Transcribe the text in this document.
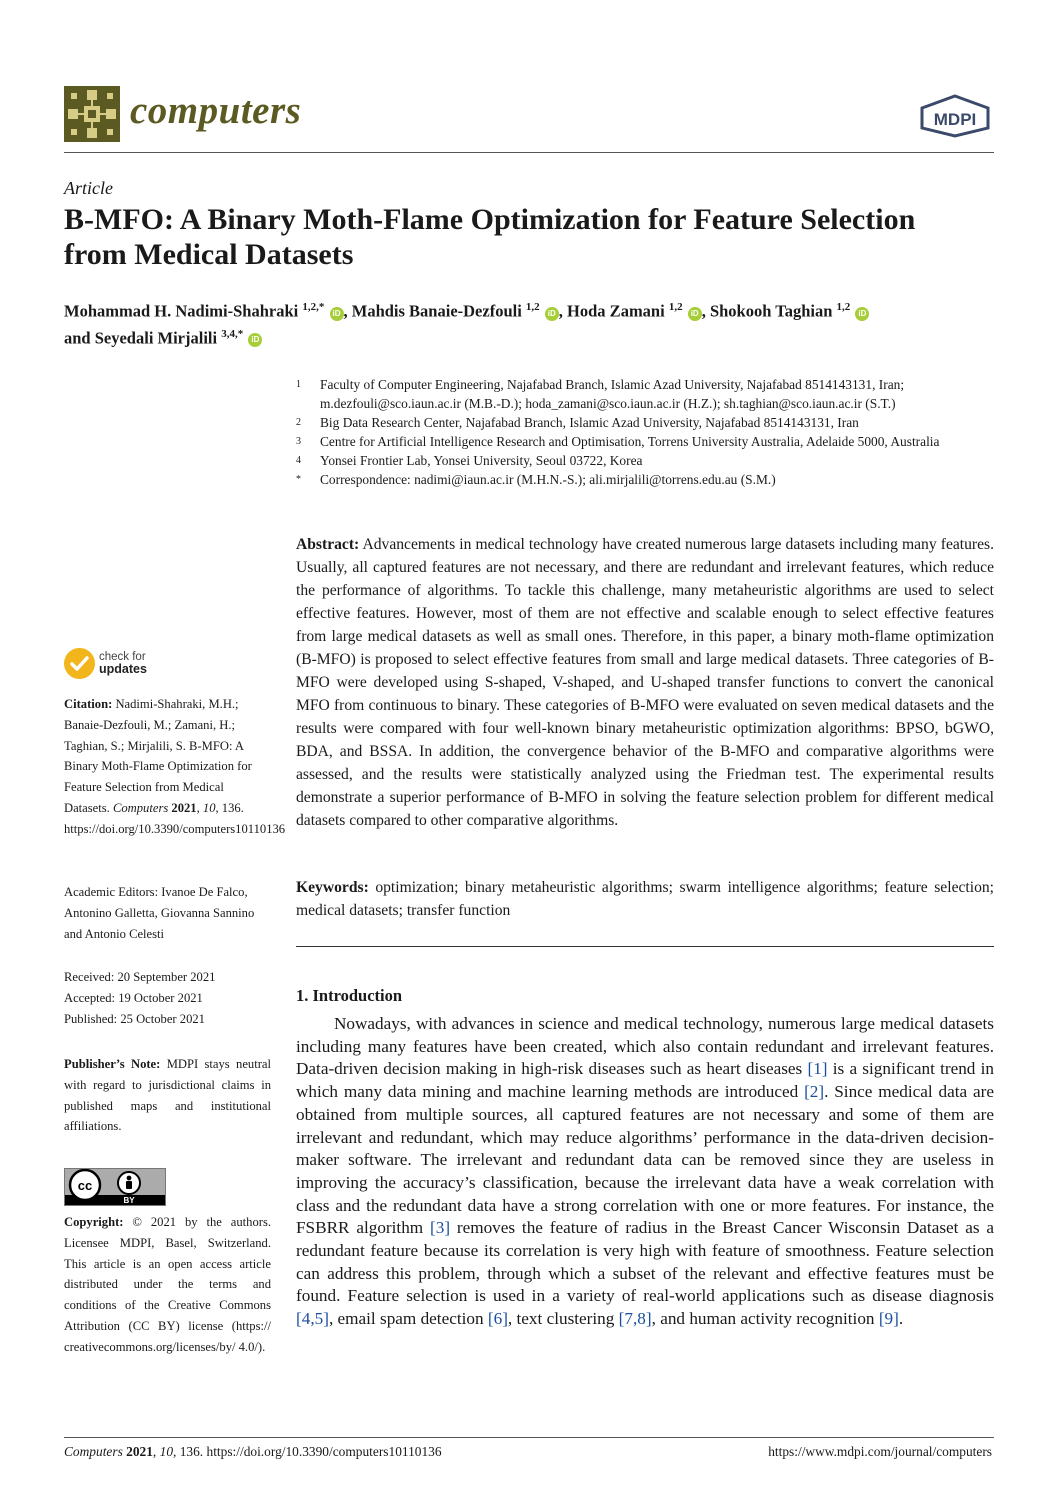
computers	MDPI
Article
B-MFO: A Binary Moth-Flame Optimization for Feature Selection from Medical Datasets
Mohammad H. Nadimi-Shahraki $^{1,2,*}$ iD , Mahdis Banaie-Dezfouli $^{1,2}$ iD , Hoda Zamani $^{1,2}$ iD , Shokooh Taghian $^{1,2}$ iD
and Seyedali Mirjalili $^{3,4,*}$ iD
1	Faculty of Computer Engineering, Najafabad Branch, Islamic Azad University, Najafabad 8514143131, Iran; m.dezfouli@sco.iaun.ac.ir (M.B.-D.); hoda_zamani@sco.iaun.ac.ir (H.Z.); sh.taghian@sco.iaun.ac.ir (S.T.)
2	Big Data Research Center, Najafabad Branch, Islamic Azad University, Najafabad 8514143131, Iran
3	Centre for Artificial Intelligence Research and Optimisation, Torrens University Australia, Adelaide 5000, Australia
4	Yonsei Frontier Lab, Yonsei University, Seoul 03722, Korea
*	Correspondence: nadimi@iaun.ac.ir (M.H.N.-S.); ali.mirjalili@torrens.edu.au (S.M.)
Abstract: Advancements in medical technology have created numerous large datasets including many features. Usually, all captured features are not necessary, and there are redundant and irrelevant features, which reduce the performance of algorithms. To tackle this challenge, many metaheuristic algorithms are used to select effective features. However, most of them are not effective and scalable enough to select effective features from large medical datasets as well as small ones. Therefore, in this paper, a binary moth-flame optimization (B-MFO) is proposed to select effective features from small and large medical datasets. Three categories of B-MFO were developed using S-shaped, V-shaped, and U-shaped transfer functions to convert the canonical MFO from continuous to binary. These categories of B-MFO were evaluated on seven medical datasets and the results were compared with four well-known binary metaheuristic optimization algorithms: BPSO, bGWO, BDA, and BSSA. In addition, the convergence behavior of the B-MFO and comparative algorithms were assessed, and the results were statistically analyzed using the Friedman test. The experimental results demonstrate a superior performance of B-MFO in solving the feature selection problem for different medical datasets compared to other comparative algorithms.
Keywords: optimization; binary metaheuristic algorithms; swarm intelligence algorithms; feature selection; medical datasets; transfer function
1. Introduction
Nowadays, with advances in science and medical technology, numerous large medical datasets including many features have been created, which also contain redundant and irrelevant features. Data-driven decision making in high-risk diseases such as heart diseases [1] is a significant trend in which many data mining and machine learning methods are introduced [2]. Since medical data are obtained from multiple sources, all captured features are not necessary and some of them are irrelevant and redundant, which may reduce algorithms’ performance in the data-driven decision-maker software. The irrelevant and redundant data can be removed since they are useless in improving the accuracy’s classification, because the irrelevant data have a weak correlation with class and the redundant data have a strong correlation with one or more features. For instance, the FSBRR algorithm [3] removes the feature of radius in the Breast Cancer Wisconsin Dataset as a redundant feature because its correlation is very high with feature of smoothness. Feature selection can address this problem, through which a subset of the relevant and effective features must be found. Feature selection is used in a variety of real-world applications such as disease diagnosis [4,5], email spam detection [6], text clustering [7,8], and human activity recognition [9].
check for
updates
Citation: Nadimi-Shahraki, M.H.; Banaie-Dezfouli, M.; Zamani, H.; Taghian, S.; Mirjalili, S. B-MFO: A Binary Moth-Flame Optimization for Feature Selection from Medical Datasets. Computers 2021, 10, 136. https://doi.org/10.3390/computers10110136
Academic Editors: Ivanoe De Falco, Antonino Galletta, Giovanna Sannino and Antonio Celesti
Received: 20 September 2021
Accepted: 19 October 2021
Published: 25 October 2021
Publisher’s Note: MDPI stays neutral with regard to jurisdictional claims in published maps and institutional affiliations.
cc
BY
Copyright: © 2021 by the authors. Licensee MDPI, Basel, Switzerland. This article is an open access article distributed under the terms and conditions of the Creative Commons Attribution (CC BY) license (https:// creativecommons.org/licenses/by/ 4.0/).
Computers 2021, 10, 136. https://doi.org/10.3390/computers10110136	https://www.mdpi.com/journal/computers
